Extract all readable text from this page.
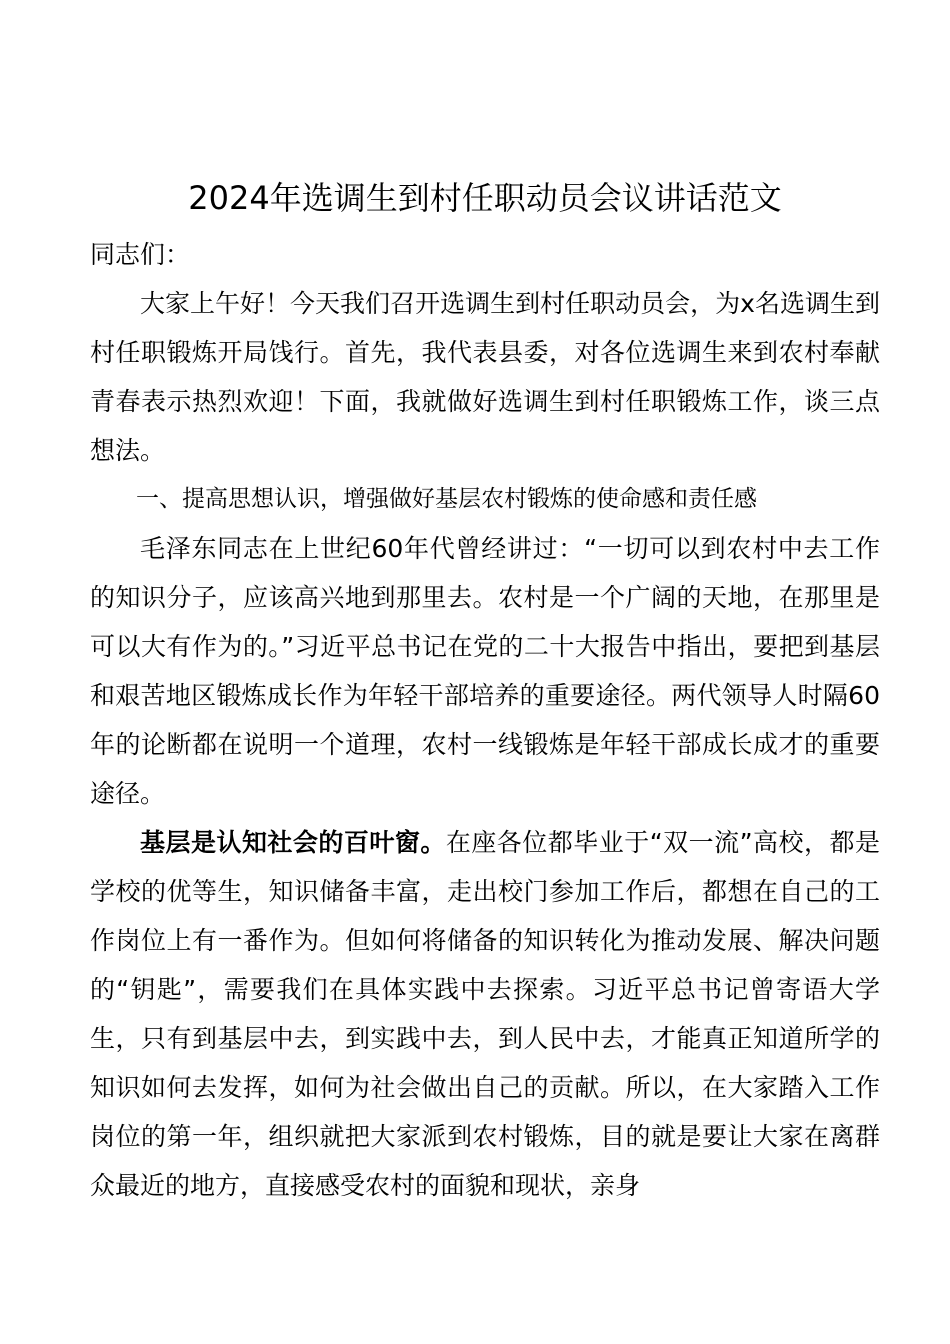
2024年选调生到村任职动员会议讲话范文

同志们：

大家上午好！今天我们召开选调生到村任职动员会，为x名选调生到村任职锻炼开局饯行。首先，我代表县委，对各位选调生来到农村奉献青春表示热烈欢迎！下面，我就做好选调生到村任职锻炼工作，谈三点想法。

一、提高思想认识，增强做好基层农村锻炼的使命感和责任感

毛泽东同志在上世纪60年代曾经讲过：“一切可以到农村中去工作的知识分子，应该高兴地到那里去。农村是一个广阔的天地，在那里是可以大有作为的。”习近平总书记在党的二十大报告中指出，要把到基层和艰苦地区锻炼成长作为年轻干部培养的重要途径。两代领导人时隔60年的论断都在说明一个道理，农村一线锻炼是年轻干部成长成才的重要途径。

基层是认知社会的百叶窗。在座各位都毕业于“双一流”高校，都是学校的优等生，知识储备丰富，走出校门参加工作后，都想在自己的工作岗位上有一番作为。但如何将储备的知识转化为推动发展、解决问题的“钥匙”，需要我们在具体实践中去探索。习近平总书记曾寄语大学生，只有到基层中去，到实践中去，到人民中去，才能真正知道所学的知识如何去发挥，如何为社会做出自己的贡献。所以，在大家踏入工作岗位的第一年，组织就把大家派到农村锻炼，目的就是要让大家在离群众最近的地方，直接感受农村的面貌和现状，亲身
